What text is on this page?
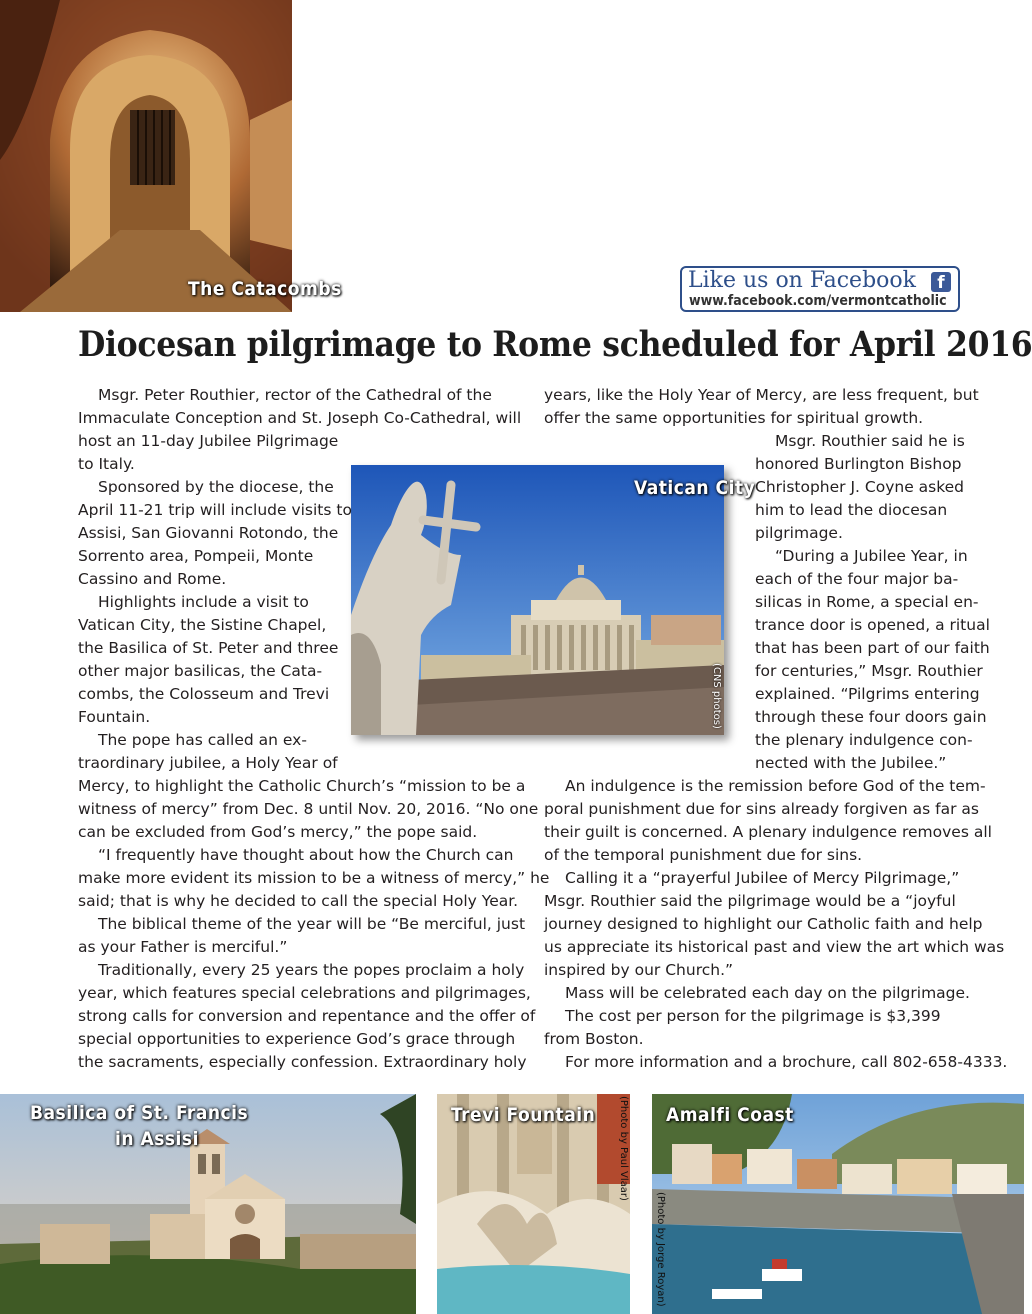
The Catacombs	Like us on Facebook	f
www.facebook.com/vermontcatholic
Diocesan pilgrimage to Rome scheduled for April 2016
Vatican City
(CNS photos)
Msgr. Peter Routhier, rector of the Cathedral of the
Immaculate Conception and St. Joseph Co-Cathedral, will
host an 11-day Jubilee Pilgrimage
to Italy.
Sponsored by the diocese, the
April 11-21 trip will include visits to
Assisi, San Giovanni Rotondo, the
Sorrento area, Pompeii, Monte
Cassino and Rome.
Highlights include a visit to
Vatican City, the Sistine Chapel,
the Basilica of St. Peter and three
other major basilicas, the Cata-
combs, the Colosseum and Trevi
Fountain.
The pope has called an ex-
traordinary jubilee, a Holy Year of
Mercy, to highlight the Catholic Church’s “mission to be a
witness of mercy” from Dec. 8 until Nov. 20, 2016. “No one
can be excluded from God’s mercy,” the pope said.
“I frequently have thought about how the Church can
make more evident its mission to be a witness of mercy,” he
said; that is why he decided to call the special Holy Year.
The biblical theme of the year will be “Be merciful, just
as your Father is merciful.”
Traditionally, every 25 years the popes proclaim a holy
year, which features special celebrations and pilgrimages,
strong calls for conversion and repentance and the offer of
special opportunities to experience God’s grace through
the sacraments, especially confession. Extraordinary holy
years, like the Holy Year of Mercy, are less frequent, but
offer the same opportunities for spiritual growth.
Msgr. Routhier said he is
honored Burlington Bishop
Christopher J. Coyne asked
him to lead the diocesan
pilgrimage.
“During a Jubilee Year, in
each of the four major ba-
silicas in Rome, a special en-
trance door is opened, a ritual
that has been part of our faith
for centuries,” Msgr. Routhier
explained. “Pilgrims entering
through these four doors gain
the plenary indulgence con-
nected with the Jubilee.”
An indulgence is the remission before God of the tem-
poral punishment due for sins already forgiven as far as
their guilt is concerned. A plenary indulgence removes all
of the temporal punishment due for sins.
Calling it a “prayerful Jubilee of Mercy Pilgrimage,”
Msgr. Routhier said the pilgrimage would be a “joyful
journey designed to highlight our Catholic faith and help
us appreciate its historical past and view the art which was
inspired by our Church.”
Mass will be celebrated each day on the pilgrimage.
The cost per person for the pilgrimage is $3,399
from Boston.
For more information and a brochure, call 802-658-4333.
Basilica of St. Francis
in Assisi
Trevi Fountain (Photo by Paul Vlaar) Amalfi Coast
(Photo by Jorge Royan)
